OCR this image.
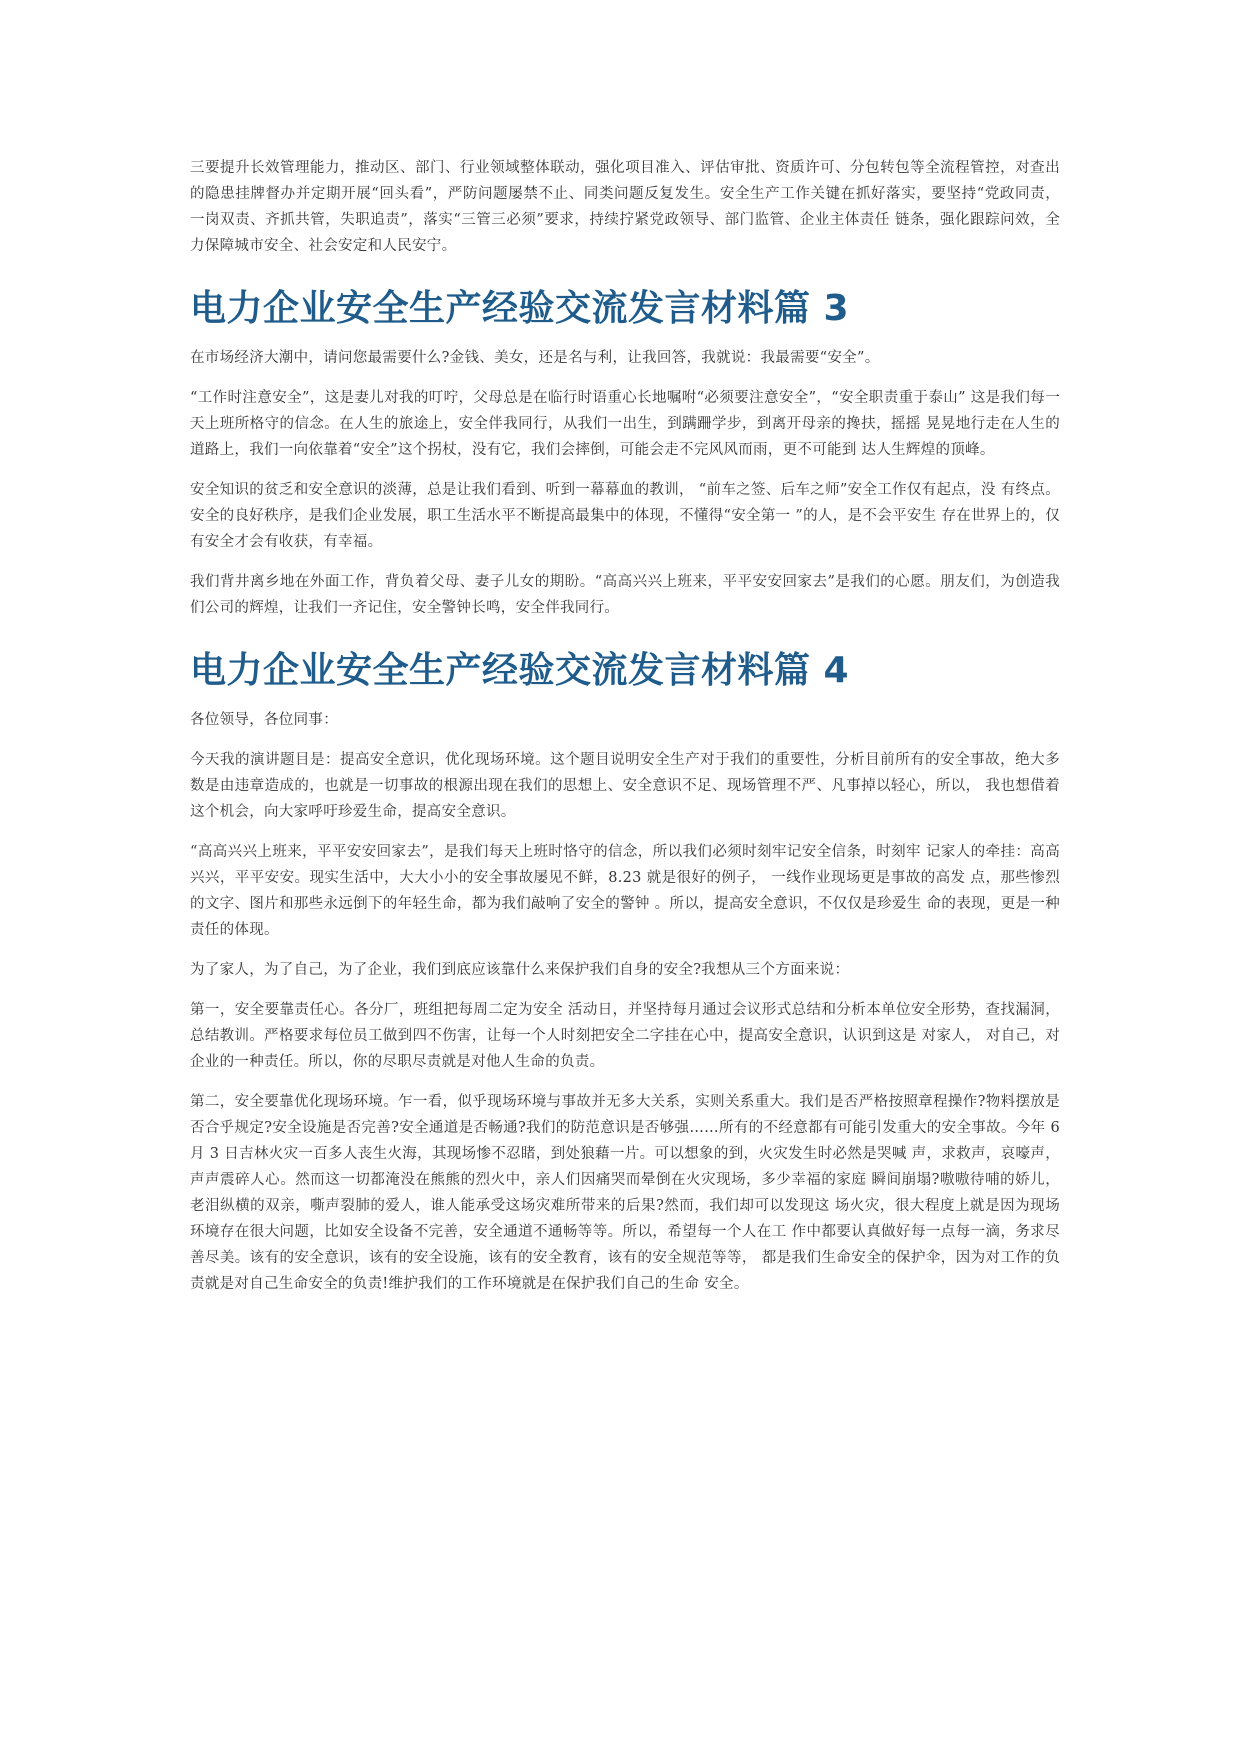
三要提升长效管理能力，推动区、部门、行业领域整体联动，强化项目准入、评估审批、资质许可、分包转包等全流程管控，对查出的隐患挂牌督办并定期开展“回头看”，严防问题屡禁不止、同类问题反复发生。安全生产工作关键在抓好落实，要坚持“党政同责， 一岗双责、齐抓共管，失职追责”，落实“三管三必须”要求，持续拧紧党政领导、部门监管、企业主体责任 链条，强化跟踪问效，全力保障城市安全、社会安定和人民安宁。

电力企业安全生产经验交流发言材料篇 3

在市场经济大潮中，请问您最需要什么?金钱、美女，还是名与利，让我回答，我就说：我最需要“安全”。

“工作时注意安全”，这是妻儿对我的叮咛，父母总是在临行时语重心长地嘱咐“必须要注意安全”，“安全职责重于泰山” 这是我们每一天上班所格守的信念。在人生的旅途上，安全伴我同行，从我们一出生，到蹒跚学步，到离开母亲的搀扶，摇摇 晃晃地行走在人生的道路上，我们一向依靠着“安全”这个拐杖，没有它，我们会摔倒，可能会走不完风风而雨，更不可能到 达人生辉煌的顶峰。

安全知识的贫乏和安全意识的淡薄，总是让我们看到、听到一幕幕血的教训， “前车之签、后车之师”安全工作仅有起点，没 有终点。安全的良好秩序，是我们企业发展，职工生活水平不断提高最集中的体现，不懂得“安全第一 ”的人，是不会平安生 存在世界上的，仅有安全才会有收获，有幸福。

我们背井离乡地在外面工作，背负着父母、妻子儿女的期盼。“高高兴兴上班来，平平安安回家去”是我们的心愿。朋友们，为创造我们公司的辉煌，让我们一齐记住，安全警钟长鸣，安全伴我同行。

电力企业安全生产经验交流发言材料篇 4

各位领导，各位同事：

今天我的演讲题目是：提高安全意识，优化现场环境。这个题目说明安全生产对于我们的重要性，分析目前所有的安全事故，绝大多数是由违章造成的，也就是一切事故的根源出现在我们的思想上、安全意识不足、现场管理不严、凡事掉以轻心，所以， 我也想借着这个机会，向大家呼吁珍爱生命，提高安全意识。

“高高兴兴上班来，平平安安回家去”，是我们每天上班时恪守的信念，所以我们必须时刻牢记安全信条，时刻牢 记家人的牵挂：高高兴兴，平平安安。现实生活中，大大小小的安全事故屡见不鲜，8.23 就是很好的例子， 一线作业现场更是事故的高发 点，那些惨烈的文字、图片和那些永远倒下的年轻生命，都为我们敲响了安全的警钟 。所以，提高安全意识，不仅仅是珍爱生 命的表现，更是一种责任的体现。

为了家人，为了自己，为了企业，我们到底应该靠什么来保护我们自身的安全?我想从三个方面来说：

第一，安全要靠责任心。各分厂，班组把每周二定为安全 活动日，并坚持每月通过会议形式总结和分析本单位安全形势，查找漏洞，总结教训。严格要求每位员工做到四不伤害，让每一个人时刻把安全二字挂在心中，提高安全意识，认识到这是 对家人， 对自己，对企业的一种责任。所以，你的尽职尽责就是对他人生命的负责。

第二，安全要靠优化现场环境。乍一看，似乎现场环境与事故并无多大关系，实则关系重大。我们是否严格按照章程操作?物料摆放是否合乎规定?安全设施是否完善?安全通道是否畅通?我们的防范意识是否够强……所有的不经意都有可能引发重大的安全事故。今年 6 月 3 日吉林火灾一百多人丧生火海，其现场惨不忍睹，到处狼藉一片。可以想象的到，火灾发生时必然是哭喊 声，求救声，哀嚎声，声声震碎人心。然而这一切都淹没在熊熊的烈火中，亲人们因痛哭而晕倒在火灾现场，多少幸福的家庭 瞬间崩塌?嗷嗷待哺的娇儿，老泪纵横的双亲，嘶声裂肺的爱人，谁人能承受这场灾难所带来的后果?然而，我们却可以发现这 场火灾，很大程度上就是因为现场环境存在很大问题，比如安全设备不完善，安全通道不通畅等等。所以，希望每一个人在工 作中都要认真做好每一点每一滴，务求尽善尽美。该有的安全意识，该有的安全设施，该有的安全教育，该有的安全规范等等， 都是我们生命安全的保护伞，因为对工作的负责就是对自己生命安全的负责!维护我们的工作环境就是在保护我们自己的生命 安全。
